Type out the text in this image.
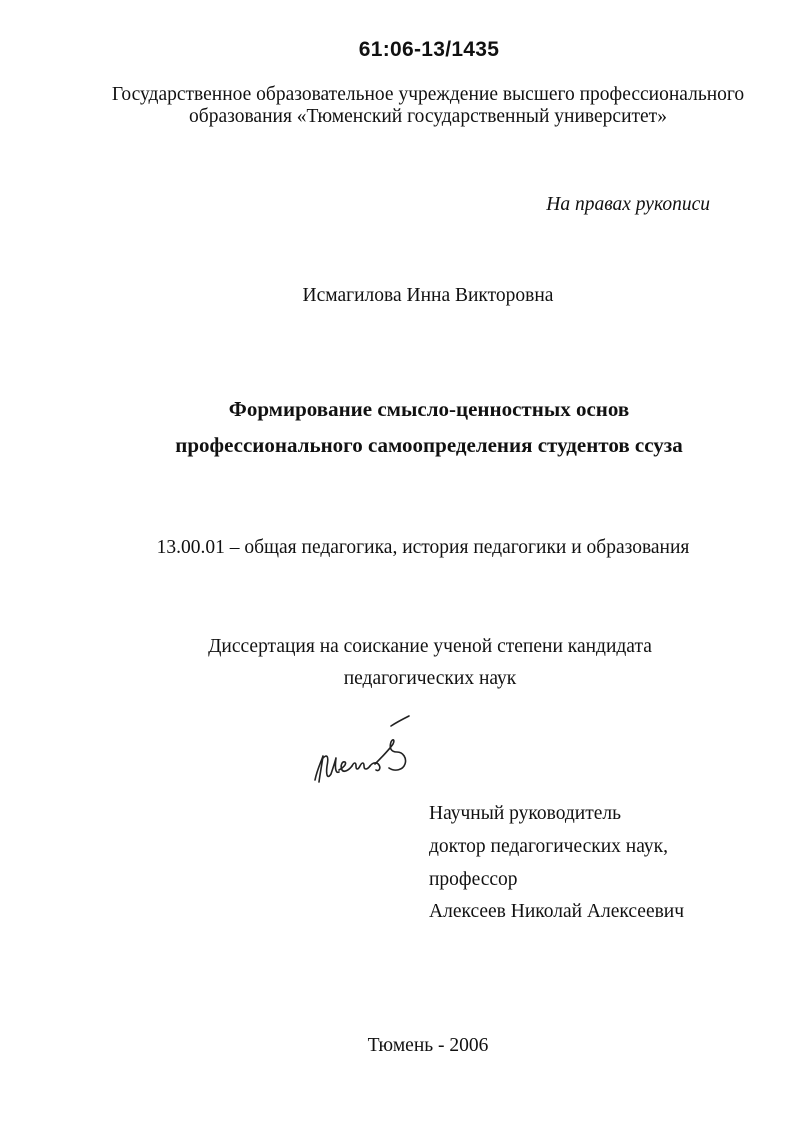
61:06-13/1435
Государственное образовательное учреждение высшего профессионального
образования «Тюменский государственный университет»
На правах рукописи
Исмагилова Инна Викторовна
Формирование смысло-ценностных основ
профессионального самоопределения студентов ссуза
13.00.01 – общая педагогика, история педагогики и образования
Диссертация на соискание ученой степени кандидата
педагогических наук
Научный руководитель
доктор педагогических наук,
профессор
Алексеев Николай Алексеевич
Тюмень - 2006
